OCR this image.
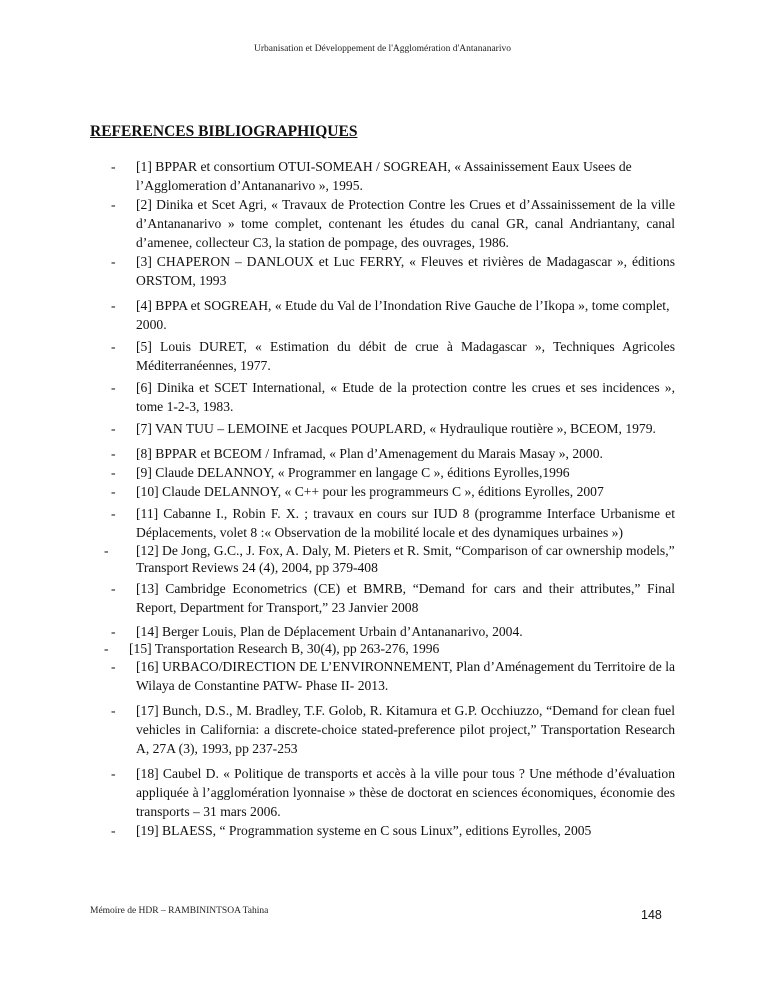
Urbanisation et Développement de l'Agglomération d'Antananarivo
REFERENCES BIBLIOGRAPHIQUES
- [1] BPPAR et consortium OTUI-SOMEAH / SOGREAH, « Assainissement Eaux Usees de l’Agglomeration d’Antananarivo », 1995.
- [2] Dinika et Scet Agri, « Travaux de Protection Contre les Crues et d’Assainissement de la ville d’Antananarivo » tome complet, contenant les études du canal GR, canal Andriantany, canal d’amenee, collecteur C3, la station de pompage, des ouvrages, 1986.
- [3] CHAPERON – DANLOUX et Luc FERRY, « Fleuves et rivières de Madagascar », éditions ORSTOM, 1993
- [4] BPPA et SOGREAH, « Etude du Val de l’Inondation Rive Gauche de l’Ikopa », tome complet, 2000.
- [5] Louis DURET, « Estimation du débit de crue à Madagascar », Techniques Agricoles Méditerranéennes, 1977.
- [6] Dinika et SCET International, « Etude de la protection contre les crues et ses incidences », tome 1-2-3, 1983.
- [7] VAN TUU – LEMOINE et Jacques POUPLARD, « Hydraulique routière », BCEOM, 1979.
- [8] BPPAR et BCEOM / Inframad, « Plan d’Amenagement du Marais Masay », 2000.
- [9] Claude DELANNOY, « Programmer en langage C », éditions Eyrolles,1996
- [10] Claude DELANNOY, « C++ pour les programmeurs C », éditions Eyrolles, 2007
- [11] Cabanne I., Robin F. X. ; travaux en cours sur IUD 8 (programme Interface Urbanisme et Déplacements, volet 8 :« Observation de la mobilité locale et des dynamiques urbaines »)
- [12] De Jong, G.C., J. Fox, A. Daly, M. Pieters et R. Smit, “Comparison of car ownership models,” Transport Reviews 24 (4), 2004, pp 379-408
- [13] Cambridge Econometrics (CE) et BMRB, “Demand for cars and their attributes,” Final Report, Department for Transport,” 23 Janvier 2008
- [14] Berger Louis, Plan de Déplacement Urbain d’Antananarivo, 2004.
- [15] Transportation Research B, 30(4), pp 263-276, 1996
- [16] URBACO/DIRECTION DE L’ENVIRONNEMENT, Plan d’Aménagement du Territoire de la Wilaya de Constantine PATW- Phase II- 2013.
- [17] Bunch, D.S., M. Bradley, T.F. Golob, R. Kitamura et G.P. Occhiuzzo, “Demand for clean fuel vehicles in California: a discrete-choice stated-preference pilot project,” Transportation Research A, 27A (3), 1993, pp 237-253
- [18] Caubel D. « Politique de transports et accès à la ville pour tous ? Une méthode d’évaluation appliquée à l’agglomération lyonnaise » thèse de doctorat en sciences économiques, économie des transports – 31 mars 2006.
- [19] BLAESS, “ Programmation systeme en C sous Linux”, editions Eyrolles, 2005
Mémoire de HDR – RAMBININTSOA Tahina	148
